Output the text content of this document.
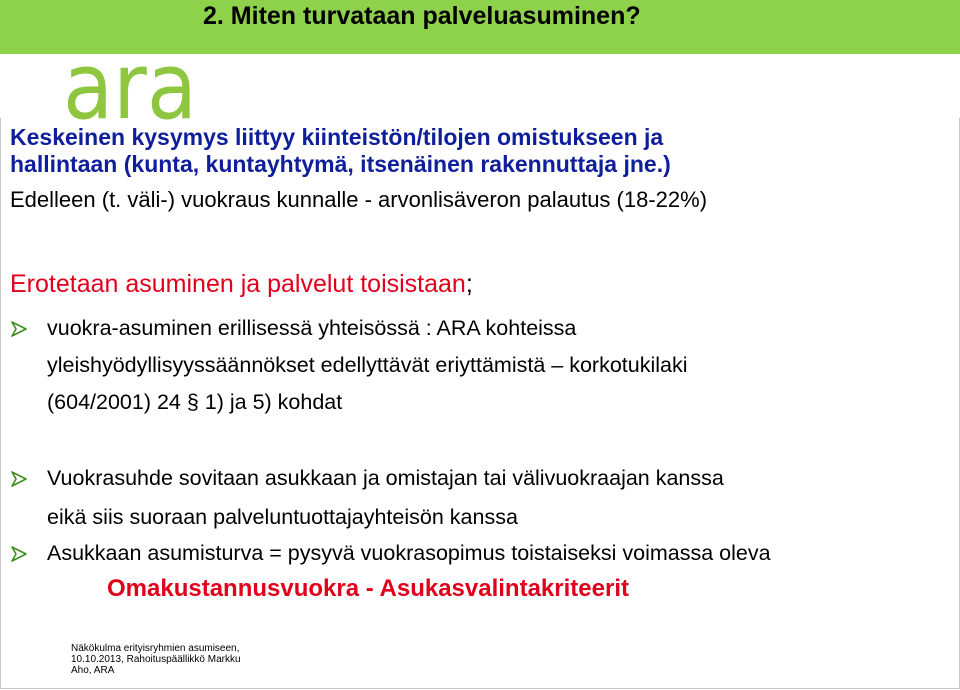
2. Miten turvataan palveluasuminen?
ara
Keskeinen kysymys liittyy kiinteistön/tilojen omistukseen ja
hallintaan (kunta, kuntayhtymä, itsenäinen rakennuttaja jne.)
Edelleen (t. väli-) vuokraus kunnalle - arvonlisäveron palautus (18-22%)
Erotetaan asuminen ja palvelut toisistaan;
vuokra-asuminen erillisessä yhteisössä : ARA kohteissa
yleishyödyllisyyssäännökset edellyttävät eriyttämistä – korkotukilaki
(604/2001) 24 § 1) ja 5) kohdat
Vuokrasuhde sovitaan asukkaan ja omistajan tai välivuokraajan kanssa
eikä siis suoraan palveluntuottajayhteisön kanssa
Asukkaan asumisturva = pysyvä vuokrasopimus toistaiseksi voimassa oleva
Omakustannusvuokra - Asukasvalintakriteerit
Näkökulma erityisryhmien asumiseen,
10.10.2013, Rahoituspäällikkö Markku
Aho, ARA
